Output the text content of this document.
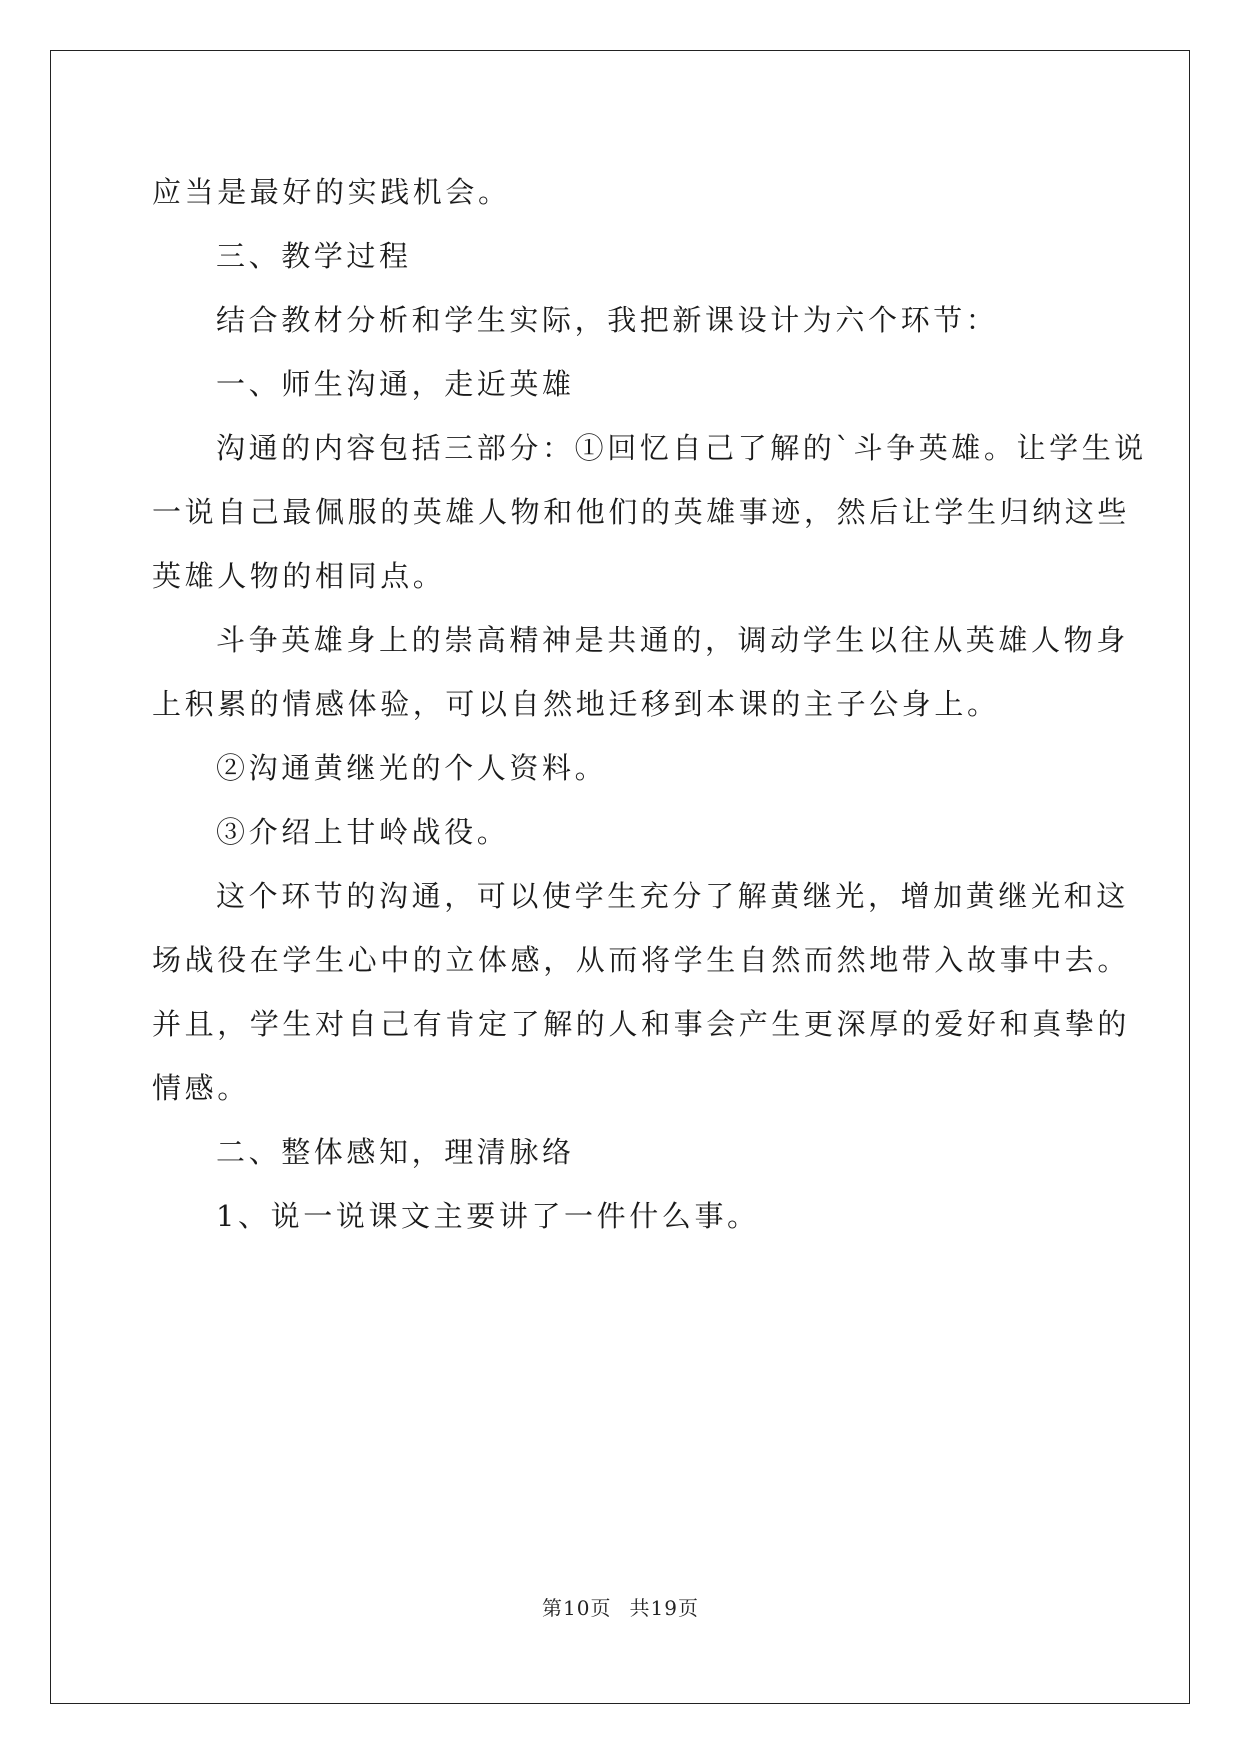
应当是最好的实践机会。
三、教学过程
结合教材分析和学生实际，我把新课设计为六个环节：
一、师生沟通，走近英雄
沟通的内容包括三部分：①回忆自己了解的`斗争英雄。让学生说
一说自己最佩服的英雄人物和他们的英雄事迹，然后让学生归纳这些
英雄人物的相同点。
斗争英雄身上的崇高精神是共通的，调动学生以往从英雄人物身
上积累的情感体验，可以自然地迁移到本课的主子公身上。
②沟通黄继光的个人资料。
③介绍上甘岭战役。
这个环节的沟通，可以使学生充分了解黄继光，增加黄继光和这
场战役在学生心中的立体感，从而将学生自然而然地带入故事中去。
并且，学生对自己有肯定了解的人和事会产生更深厚的爱好和真挚的
情感。
二、整体感知，理清脉络
1、说一说课文主要讲了一件什么事。
第10页 共19页
